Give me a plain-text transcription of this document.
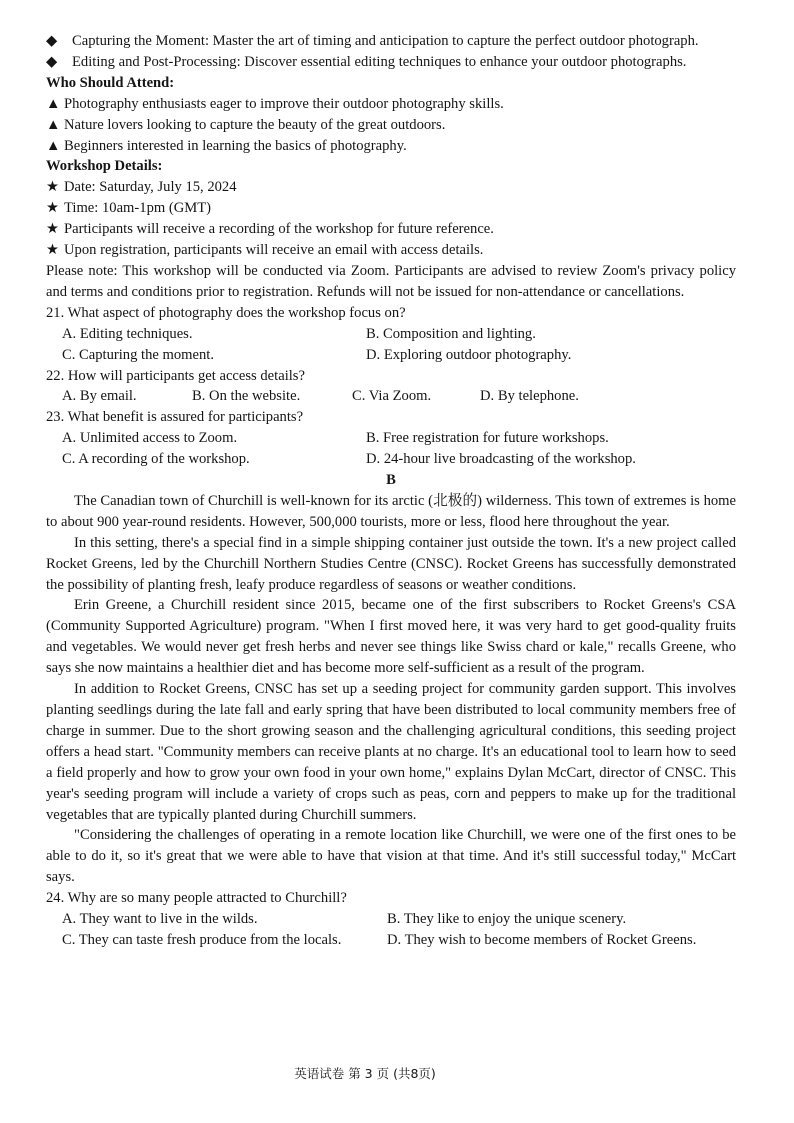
◆ Capturing the Moment: Master the art of timing and anticipation to capture the perfect outdoor photograph.
◆ Editing and Post-Processing: Discover essential editing techniques to enhance your outdoor photographs.
Who Should Attend:
▲ Photography enthusiasts eager to improve their outdoor photography skills.
▲ Nature lovers looking to capture the beauty of the great outdoors.
▲ Beginners interested in learning the basics of photography.
Workshop Details:
★ Date: Saturday, July 15, 2024
★ Time: 10am-1pm (GMT)
★ Participants will receive a recording of the workshop for future reference.
★ Upon registration, participants will receive an email with access details.
Please note: This workshop will be conducted via Zoom. Participants are advised to review Zoom's privacy policy and terms and conditions prior to registration. Refunds will not be issued for non-attendance or cancellations.
21. What aspect of photography does the workshop focus on?
A. Editing techniques.	B. Composition and lighting.
C. Capturing the moment.	D. Exploring outdoor photography.
22. How will participants get access details?
A. By email.	B. On the website.	C. Via Zoom.	D. By telephone.
23. What benefit is assured for participants?
A. Unlimited access to Zoom.	B. Free registration for future workshops.
C. A recording of the workshop.	D. 24-hour live broadcasting of the workshop.
B
The Canadian town of Churchill is well-known for its arctic (北极的) wilderness. This town of extremes is home to about 900 year-round residents. However, 500,000 tourists, more or less, flood here throughout the year.
In this setting, there's a special find in a simple shipping container just outside the town. It's a new project called Rocket Greens, led by the Churchill Northern Studies Centre (CNSC). Rocket Greens has successfully demonstrated the possibility of planting fresh, leafy produce regardless of seasons or weather conditions.
Erin Greene, a Churchill resident since 2015, became one of the first subscribers to Rocket Greens's CSA (Community Supported Agriculture) program. "When I first moved here, it was very hard to get good-quality fruits and vegetables. We would never get fresh herbs and never see things like Swiss chard or kale," recalls Greene, who says she now maintains a healthier diet and has become more self-sufficient as a result of the program.
In addition to Rocket Greens, CNSC has set up a seeding project for community garden support. This involves planting seedlings during the late fall and early spring that have been distributed to local community members free of charge in summer. Due to the short growing season and the challenging agricultural conditions, this seeding project offers a head start. "Community members can receive plants at no charge. It's an educational tool to learn how to seed a field properly and how to grow your own food in your own home," explains Dylan McCart, director of CNSC. This year's seeding program will include a variety of crops such as peas, corn and peppers to make up for the traditional vegetables that are typically planted during Churchill summers.
"Considering the challenges of operating in a remote location like Churchill, we were one of the first ones to be able to do it, so it's great that we were able to have that vision at that time. And it's still successful today," McCart says.
24. Why are so many people attracted to Churchill?
A. They want to live in the wilds.	B. They like to enjoy the unique scenery.
C. They can taste fresh produce from the locals.	D. They wish to become members of Rocket Greens.
英语试卷 第 3 页 (共8页)
